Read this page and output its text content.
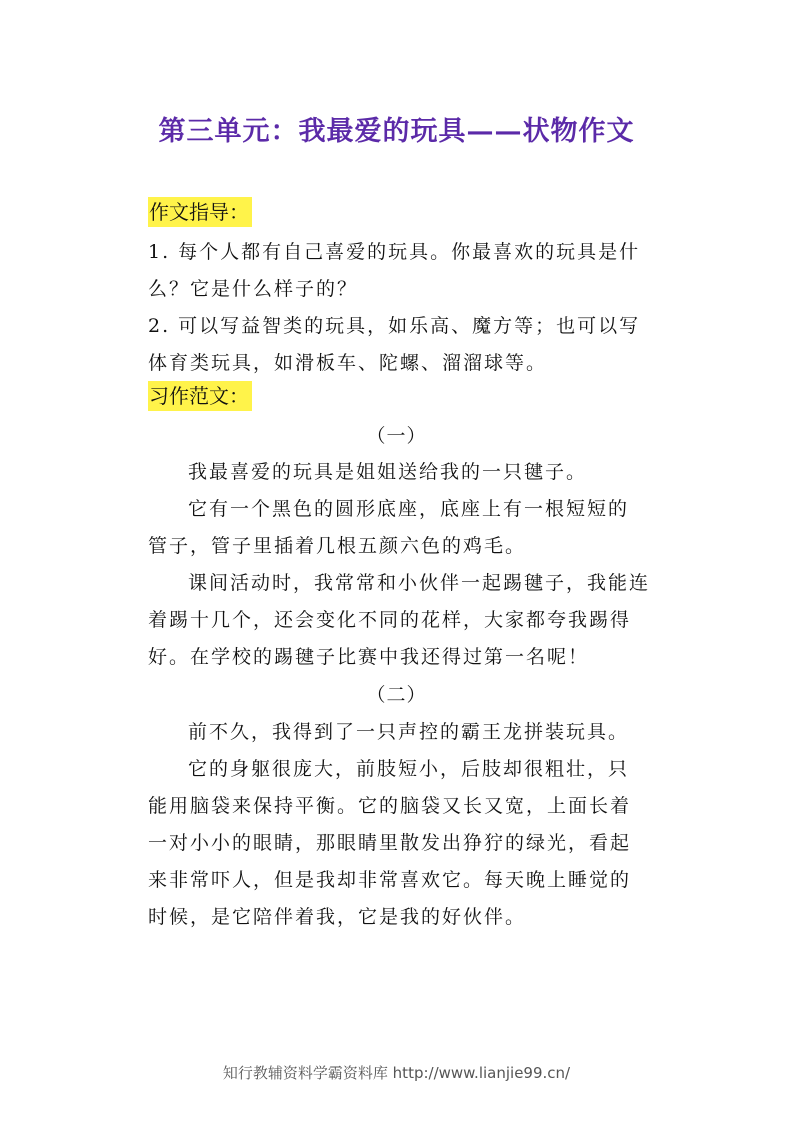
第三单元：我最爱的玩具——状物作文
作文指导：
1. 每个人都有自己喜爱的玩具。你最喜欢的玩具是什
么？它是什么样子的？
2. 可以写益智类的玩具，如乐高、魔方等；也可以写
体育类玩具，如滑板车、陀螺、溜溜球等。
习作范文：
（一）
我最喜爱的玩具是姐姐送给我的一只毽子。
它有一个黑色的圆形底座，底座上有一根短短的
管子，管子里插着几根五颜六色的鸡毛。
课间活动时，我常常和小伙伴一起踢毽子，我能连
着踢十几个，还会变化不同的花样，大家都夸我踢得
好。在学校的踢毽子比赛中我还得过第一名呢！
（二）
前不久，我得到了一只声控的霸王龙拼装玩具。
它的身躯很庞大，前肢短小，后肢却很粗壮，只
能用脑袋来保持平衡。它的脑袋又长又宽，上面长着
一对小小的眼睛，那眼睛里散发出狰狞的绿光，看起
来非常吓人，但是我却非常喜欢它。每天晚上睡觉的
时候，是它陪伴着我，它是我的好伙伴。
知行教辅资料学霸资料库 http://www.lianjie99.cn/
